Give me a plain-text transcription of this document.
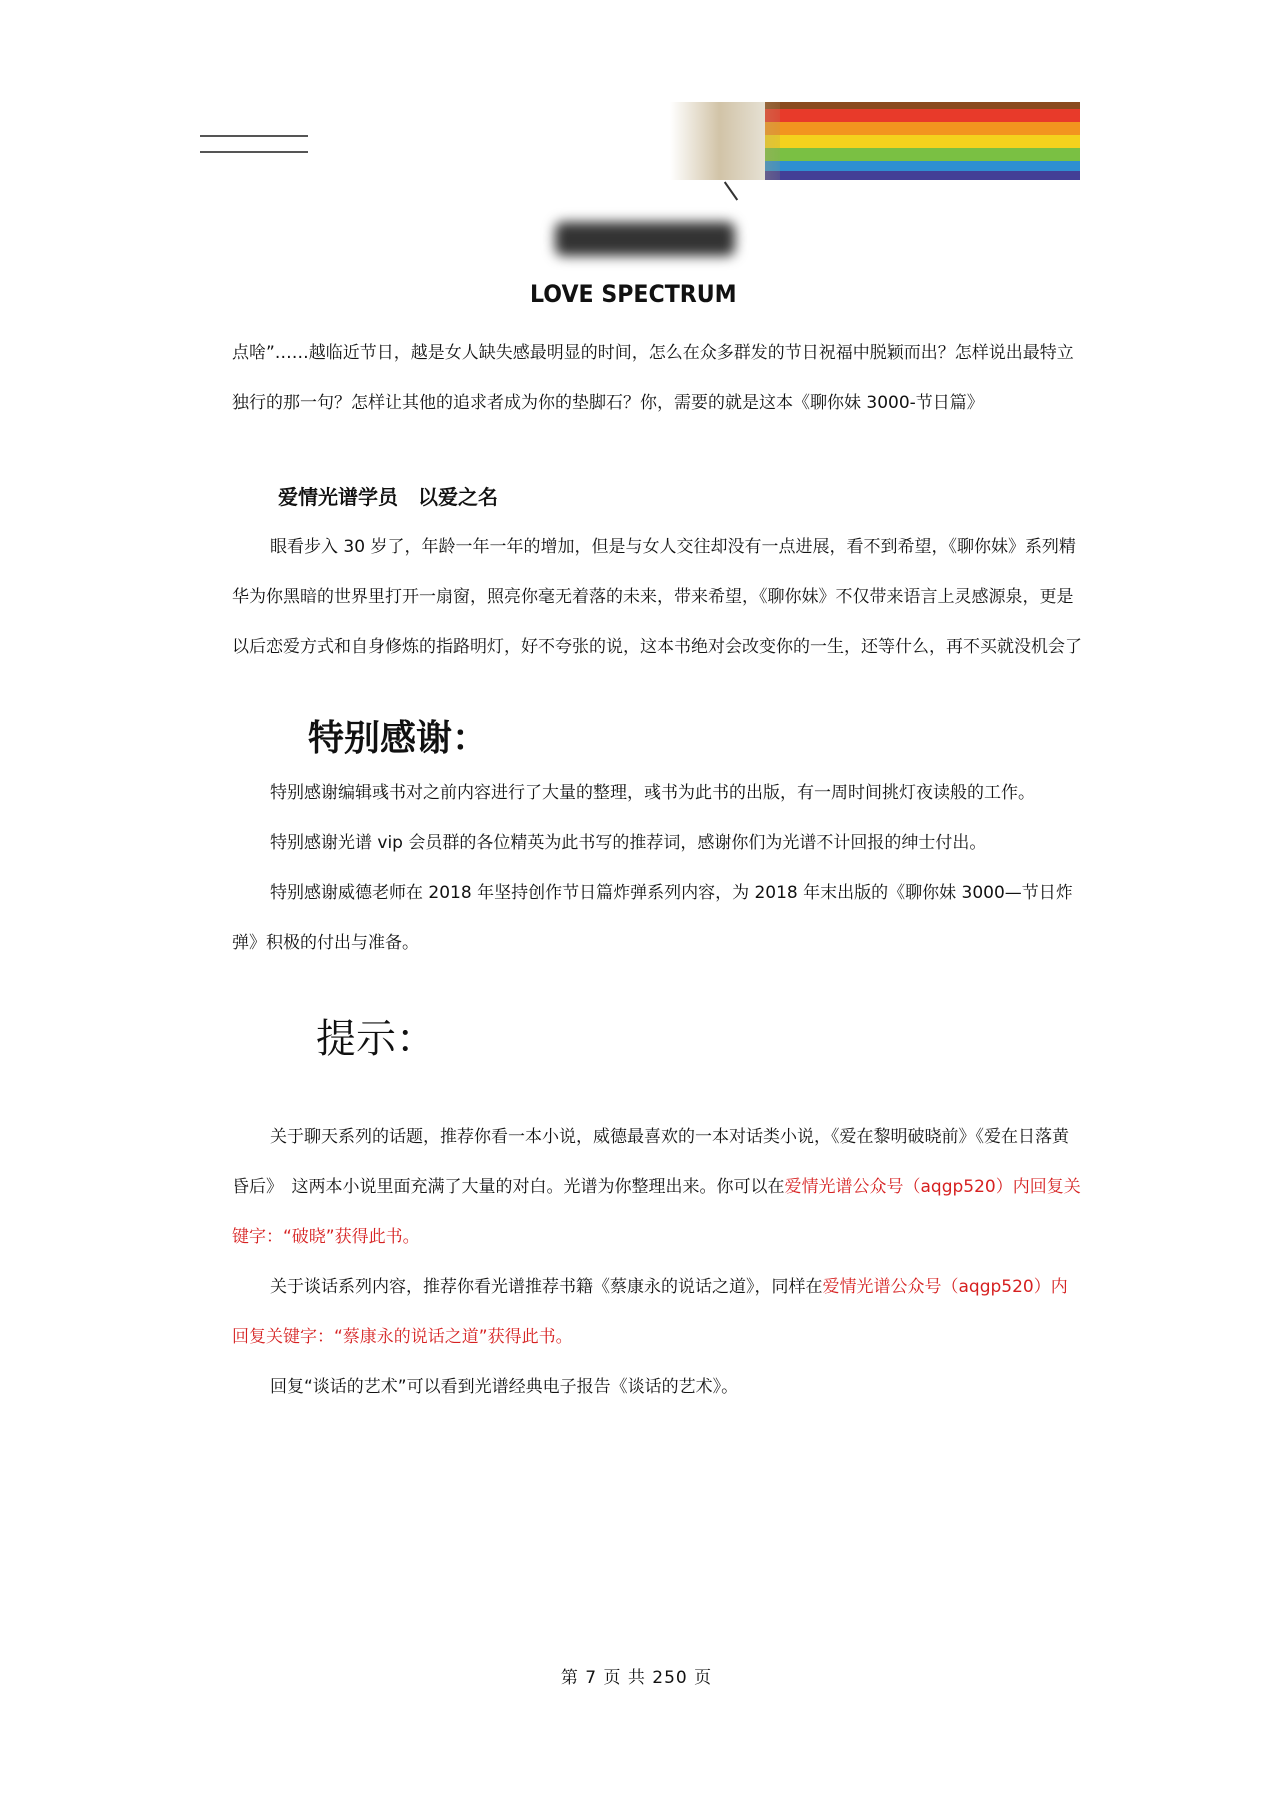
LOVE SPECTRUM

点啥”……越临近节日，越是女人缺失感最明显的时间，怎么在众多群发的节日祝福中脱颖而出？怎样说出最特立独行的那一句？怎样让其他的追求者成为你的垫脚石？你，需要的就是这本《聊你妹 3000-节日篇》

爱情光谱学员　以爱之名

眼看步入 30 岁了，年龄一年一年的增加，但是与女人交往却没有一点进展，看不到希望，《聊你妹》系列精华为你黑暗的世界里打开一扇窗，照亮你毫无着落的未来，带来希望，《聊你妹》不仅带来语言上灵感源泉，更是以后恋爱方式和自身修炼的指路明灯，好不夸张的说，这本书绝对会改变你的一生，还等什么，再不买就没机会了

特别感谢：

特别感谢编辑彧书对之前内容进行了大量的整理，彧书为此书的出版，有一周时间挑灯夜读般的工作。

特别感谢光谱 vip 会员群的各位精英为此书写的推荐词，感谢你们为光谱不计回报的绅士付出。

特别感谢威德老师在 2018 年坚持创作节日篇炸弹系列内容，为 2018 年末出版的《聊你妹 3000—节日炸弹》积极的付出与准备。

提示：

关于聊天系列的话题，推荐你看一本小说，威德最喜欢的一本对话类小说，《爱在黎明破晓前》《爱在日落黄昏后》　这两本小说里面充满了大量的对白。光谱为你整理出来。你可以在爱情光谱公众号（aqgp520）内回复关键字：“破晓”获得此书。

关于谈话系列内容，推荐你看光谱推荐书籍《蔡康永的说话之道》，同样在爱情光谱公众号（aqgp520）内回复关键字：“蔡康永的说话之道”获得此书。

回复“谈话的艺术”可以看到光谱经典电子报告《谈话的艺术》。

第 7 页 共 250 页
